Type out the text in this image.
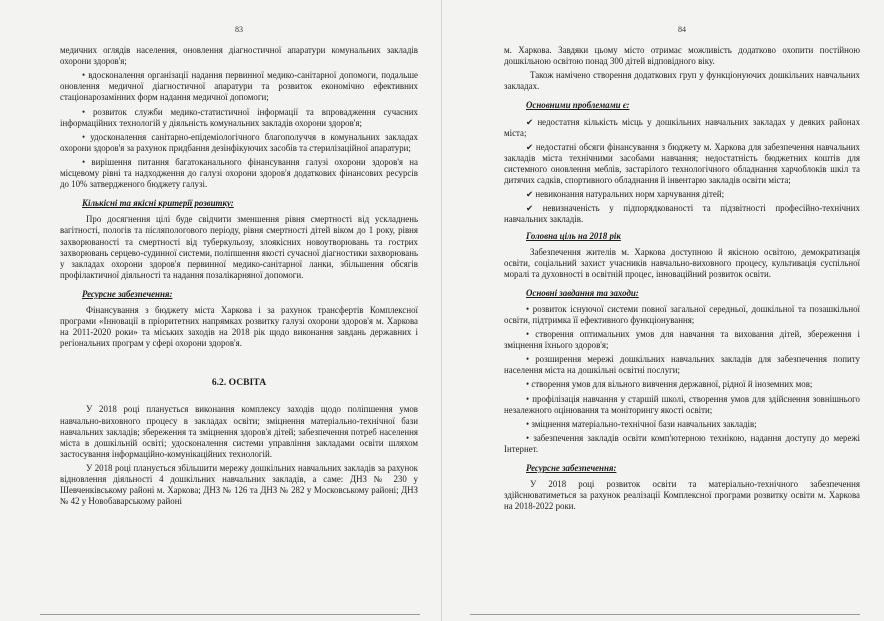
83

медичних оглядів населення, оновлення діагностичної апаратури комунальних закладів охорони здоров'я;

• вдосконалення організації надання первинної медико-санітарної допомоги, подальше оновлення медичної діагностичної апаратури та розвиток економічно ефективних стаціонарозамінних форм надання медичної допомоги;

• розвиток служби медико-статистичної інформації та впровадження сучасних інформаційних технологій у діяльність комунальних закладів охорони здоров'я;

• удосконалення санітарно-епідеміологічного благополуччя в комунальних закладах охорони здоров'я за рахунок придбання дезінфікуючих засобів та стерилізаційної апаратури;

• вирішення питання багатоканального фінансування галузі охорони здоров'я на місцевому рівні та надходження до галузі охорони здоров'я додаткових фінансових ресурсів до 10% затвердженого бюджету галузі.

Кількісні та якісні критерії розвитку:

Про досягнення цілі буде свідчити зменшення рівня смертності від ускладнень вагітності, пологів та післяпологового періоду, рівня смертності дітей віком до 1 року, рівня захворюваності та смертності від туберкульозу, злоякісних новоутворювань та гострих захворювань серцево-судинної системи, поліпшення якості сучасної діагностики захворювань у закладах охорони здоров'я первинної медико-санітарної ланки, збільшення обсягів профілактичної діяльності та надання позалікарняної допомоги.

Ресурсне забезпечення:

Фінансування з бюджету міста Харкова і за рахунок трансфертів Комплексної програми «Інновації в пріоритетних напрямках розвитку галузі охорони здоров'я м. Харкова на 2011-2020 роки» та міських заходів на 2018 рік щодо виконання завдань державних і регіональних програм у сфері охорони здоров'я.

6.2. ОСВІТА

У 2018 році планується виконання комплексу заходів щодо поліпшення умов навчально-виховного процесу в закладах освіти; зміцнення матеріально-технічної бази навчальних закладів; збереження та зміцнення здоров'я дітей; забезпечення потреб населення міста в дошкільній освіті; удосконалення системи управління закладами освіти шляхом застосування інформаційно-комунікаційних технологій.

У 2018 році планується збільшити мережу дошкільних навчальних закладів за рахунок відновлення діяльності 4 дошкільних навчальних закладів, а саме: ДНЗ № 230 у Шевченківському районі м. Харкова; ДНЗ № 126 та ДНЗ № 282 у Московському районі; ДНЗ № 42 у Новобаварському районі

84

м. Харкова. Завдяки цьому місто отримає можливість додатково охопити постійною дошкільною освітою понад 300 дітей відповідного віку.

Також намічено створення додаткових груп у функціонуючих дошкільних навчальних закладах.

Основними проблемами є:

✔ недостатня кількість місць у дошкільних навчальних закладах у деяких районах міста;

✔ недостатні обсяги фінансування з бюджету м. Харкова для забезпечення навчальних закладів міста технічними засобами навчання; недостатність бюджетних коштів для системного оновлення меблів, застарілого технологічного обладнання харчоблоків шкіл та дитячих садків, спортивного обладнання й інвентарю закладів освіти міста;

✔ невиконання натуральних норм харчування дітей;

✔ невизначеність у підпорядкованості та підзвітності професійно-технічних навчальних закладів.

Головна ціль на 2018 рік

Забезпечення жителів м. Харкова доступною й якісною освітою, демократизація освіти, соціальний захист учасників навчально-виховного процесу, культивація суспільної моралі та духовності в освітній процес, інноваційний розвиток освіти.

Основні завдання та заходи:

• розвиток існуючої системи повної загальної середньої, дошкільної та позашкільної освіти, підтримка її ефективного функціонування;

• створення оптимальних умов для навчання та виховання дітей, збереження і зміцнення їхнього здоров'я;

• розширення мережі дошкільних навчальних закладів для забезпечення попиту населення міста на дошкільні освітні послуги;

• створення умов для вільного вивчення державної, рідної й іноземних мов;

• профілізація навчання у старшій школі, створення умов для здійснення зовнішнього незалежного оцінювання та моніторингу якості освіти;

• зміцнення матеріально-технічної бази навчальних закладів;

• забезпечення закладів освіти комп'ютерною технікою, надання доступу до мережі Інтернет.

Ресурсне забезпечення:

У 2018 році розвиток освіти та матеріально-технічного забезпечення здійснюватиметься за рахунок реалізації Комплексної програми розвитку освіти м. Харкова на 2018-2022 роки.
